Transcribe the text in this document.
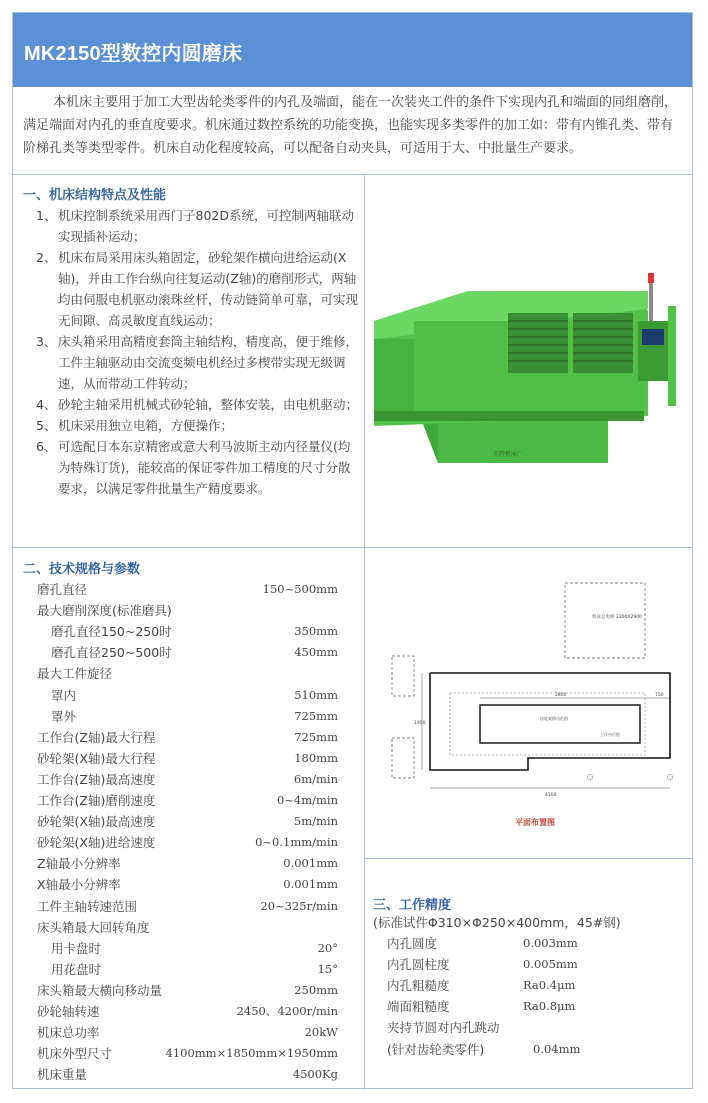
MK2150型数控内圆磨床
本机床主要用于加工大型齿轮类零件的内孔及端面，能在一次装夹工件的条件下实现内孔和端面的同组磨削，满足端面对内孔的垂直度要求。机床通过数控系统的功能变换，也能实现多类零件的加工如：带有内锥孔类、带有阶梯孔类等类型零件。机床自动化程度较高，可以配备自动夹具，可适用于大、中批量生产要求。
一、机床结构特点及性能
1、 机床控制系统采用西门子802D系统，可控制两轴联动实现插补运动；
2、 机床布局采用床头箱固定，砂轮架作横向进给运动(X轴)，并由工作台纵向往复运动(Z轴)的磨削形式，两轴均由伺服电机驱动滚珠丝杆，传动链简单可靠，可实现无间隙、高灵敏度直线运动；
3、 床头箱采用高精度套筒主轴结构，精度高，便于维修，工件主轴驱动由交流变频电机经过多楔带实现无级调速，从而带动工件转动；
4、 砂轮主轴采用机械式砂轮轴，整体安装，由电机驱动；
5、 机床采用独立电箱，方便操作；
6、 可选配日本东京精密或意大利马波斯主动内径量仪(均为特殊订货)，能较高的保证零件加工精度的尺寸分散要求，以满足零件批量生产精度要求。
杰特机床厂
二、技术规格与参数
磨孔直径	150~500mm
最大磨削深度(标准磨具)
磨孔直径150~250时	350mm
磨孔直径250~500时	450mm
最大工件旋径
罩内	510mm
罩外	725mm
工作台(Z轴)最大行程	725mm
砂轮架(X轴)最大行程	180mm
工作台(Z轴)最高速度	6m/min
工作台(Z轴)磨削速度	0~4m/min
砂轮架(X轴)最高速度	5m/min
砂轮架(X轴)进给速度	0~0.1mm/min
Z轴最小分辨率	0.001mm
X轴最小分辨率	0.001mm
工件主轴转速范围	20~325r/min
床头箱最大回转角度
用卡盘时	20°
用花盘时	15°
床头箱最大横向移动量	250mm
砂轮轴转速	2450、4200r/min
机床总功率	20kW
机床外型尺寸	4100mm×1850mm×1950mm
机床重量	4500Kg
机床总电柜 2300X2900
2800	750
4100
1950
砂轮架移动范围
工作台行程
平面布置图
三、工作精度
(标准试件Φ310×Φ250×400mm，45#钢)
内孔圆度	0.003mm
内孔圆柱度	0.005mm
内孔粗糙度	Ra0.4μm
端面粗糙度	Ra0.8μm
夹持节圆对内孔跳动
(针对齿轮类零件)	0.04mm
